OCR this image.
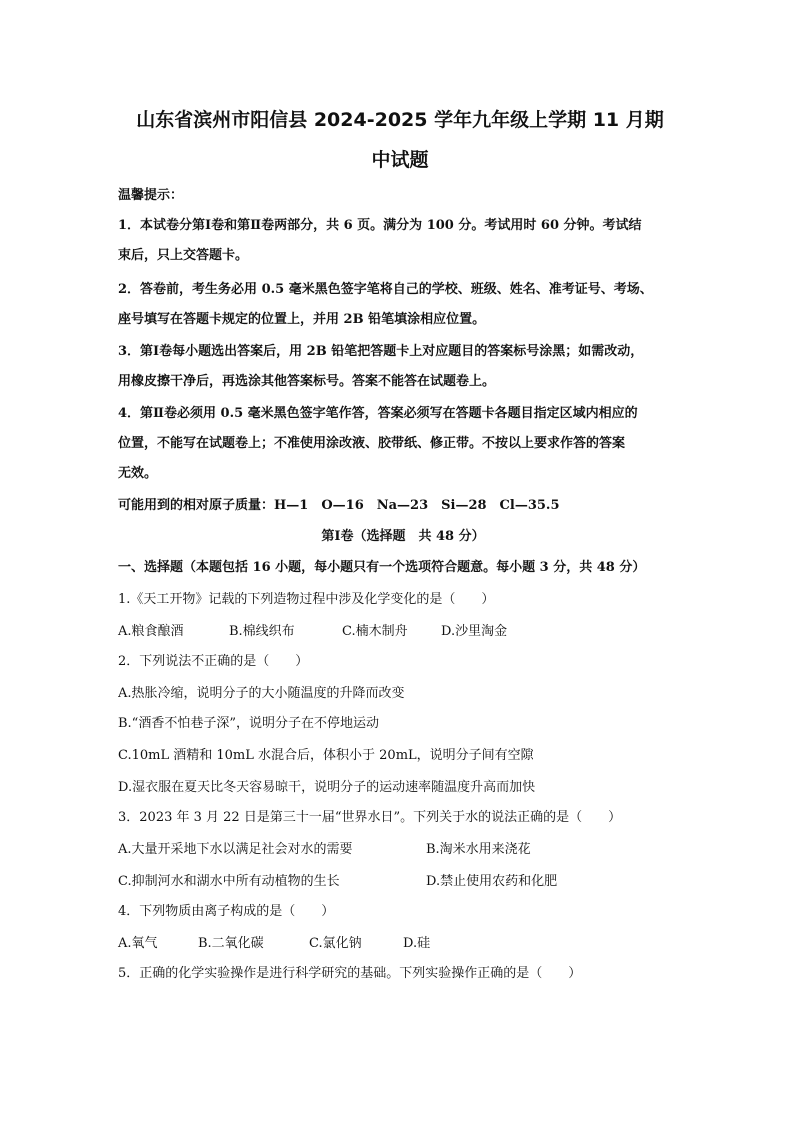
山东省滨州市阳信县 2024-2025 学年九年级上学期 11 月期
中试题
温馨提示：
1．本试卷分第Ⅰ卷和第Ⅱ卷两部分，共 6 页。满分为 100 分。考试用时 60 分钟。考试结
束后，只上交答题卡。
2．答卷前，考生务必用 0.5 毫米黑色签字笔将自己的学校、班级、姓名、准考证号、考场、
座号填写在答题卡规定的位置上，并用 2B 铅笔填涂相应位置。
3．第Ⅰ卷每小题选出答案后，用 2B 铅笔把答题卡上对应题目的答案标号涂黑；如需改动，
用橡皮擦干净后，再选涂其他答案标号。答案不能答在试题卷上。
4．第Ⅱ卷必须用 0.5 毫米黑色签字笔作答，答案必须写在答题卡各题目指定区域内相应的
位置，不能写在试题卷上；不准使用涂改液、胶带纸、修正带。不按以上要求作答的答案
无效。
可能用到的相对原子质量：H—1　O—16　Na—23　Si—28　Cl—35.5
第Ⅰ卷（选择题　共 48 分）
一、选择题（本题包括 16 小题，每小题只有一个选项符合题意。每小题 3 分，共 48 分）
1.《天工开物》记载的下列造物过程中涉及化学变化的是（　　）
A.粮食酿酒	B.棉线织布	C.楠木制舟	D.沙里淘金
2．下列说法不正确的是（　　）
A.热胀冷缩，说明分子的大小随温度的升降而改变
B.“酒香不怕巷子深”，说明分子在不停地运动
C.10mL 酒精和 10mL 水混合后，体积小于 20mL，说明分子间有空隙
D.湿衣服在夏天比冬天容易晾干，说明分子的运动速率随温度升高而加快
3．2023 年 3 月 22 日是第三十一届“世界水日”。下列关于水的说法正确的是（　　）
A.大量开采地下水以满足社会对水的需要	B.淘米水用来浇花
C.抑制河水和湖水中所有动植物的生长	D.禁止使用农药和化肥
4．下列物质由离子构成的是（　　）
A.氧气	B.二氧化碳	C.氯化钠	D.硅
5．正确的化学实验操作是进行科学研究的基础。下列实验操作正确的是（　　）
